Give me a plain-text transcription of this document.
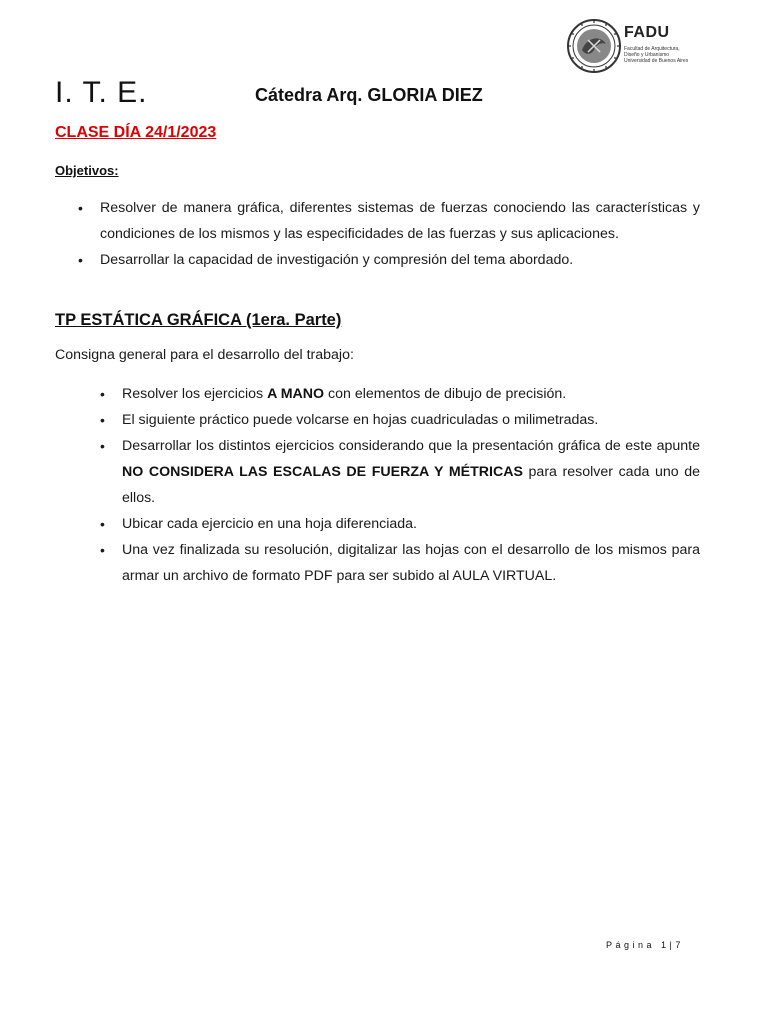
FADU
Facultad de Arquitectura,
Diseño y Urbanismo
Universidad de Buenos Aires
I. T. E.	Cátedra Arq. GLORIA DIEZ
CLASE DÍA 24/1/2023
Objetivos:
• Resolver de manera gráfica, diferentes sistemas de fuerzas conociendo las características y condiciones de los mismos y las especificidades de las fuerzas y sus aplicaciones.
• Desarrollar la capacidad de investigación y compresión del tema abordado.
TP ESTÁTICA GRÁFICA (1era. Parte)
Consigna general para el desarrollo del trabajo:
• Resolver los ejercicios A MANO con elementos de dibujo de precisión.
• El siguiente práctico puede volcarse en hojas cuadriculadas o milimetradas.
• Desarrollar los distintos ejercicios considerando que la presentación gráfica de este apunte NO CONSIDERA LAS ESCALAS DE FUERZA Y MÉTRICAS para resolver cada uno de ellos.
• Ubicar cada ejercicio en una hoja diferenciada.
• Una vez finalizada su resolución, digitalizar las hojas con el desarrollo de los mismos para armar un archivo de formato PDF para ser subido al AULA VIRTUAL.
Página 1|7
